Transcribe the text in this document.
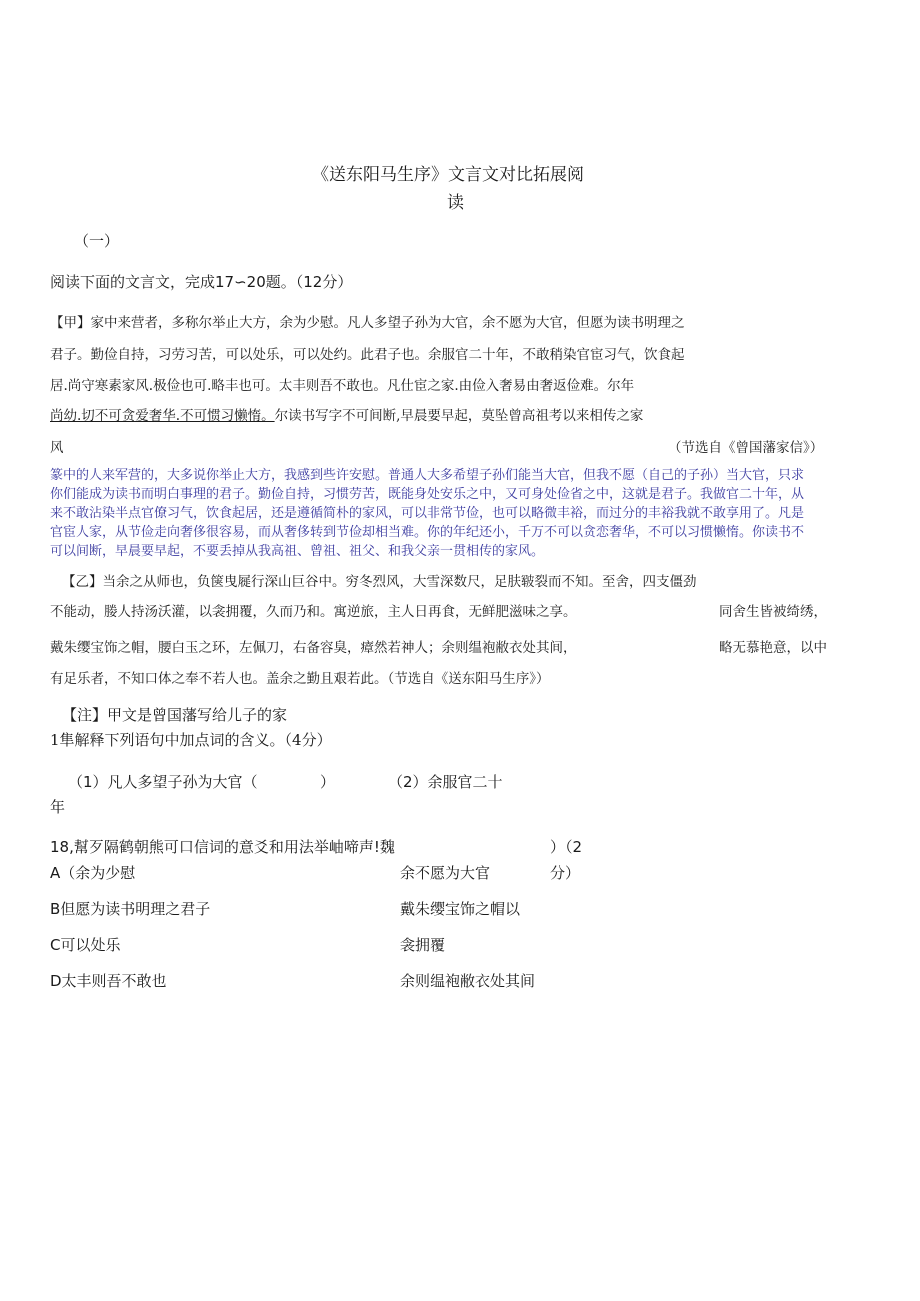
《送东阳马生序》文言文对比拓展阅
读
（一）
阅读下面的文言文，完成17∽20题。（12分）
【甲】家中来营者，多称尔举止大方，余为少慰。凡人多望子孙为大官，余不愿为大官，但愿为读书明理之
君子。勤俭自持，习劳习苦，可以处乐，可以处约。此君子也。余服官二十年，不敢稍染官宦习气，饮食起
居.尚守寒素家风.极俭也可.略丰也可。太丰则吾不敢也。凡仕宦之家.由俭入奢易由奢返俭难。尔年
尚幼.切不可贪爱奢华.不可惯习懒惰。尔读书写字不可间断,早晨要早起，莫坠曾高祖考以来相传之家
风	（节选自《曾国藩家信》）
篆中的人来军营的，大多说你举止大方，我感到些许安慰。普通人大多希望子孙们能当大官，但我不愿（自己的子孙）当大官，只求
你们能成为读书而明白事理的君子。勤俭自持，习惯劳苦，既能身处安乐之中，又可身处俭省之中，这就是君子。我做官二十年，从
来不敢沾染半点官僚习气，饮食起居，还是遵循简朴的家风，可以非常节俭，也可以略微丰裕，而过分的丰裕我就不敢享用了。凡是
官宦人家，从节俭走向奢侈很容易，而从奢侈转到节俭却相当难。你的年纪还小，千万不可以贪恋奢华，不可以习惯懒惰。你读书不
可以间断，早晨要早起，不要丢掉从我高祖、曾祖、祖父、和我父亲一贯相传的家风。
【乙】当余之从师也，负箧曳屣行深山巨谷中。穷冬烈风，大雪深数尺，足肤皲裂而不知。至舍，四支僵劲
不能动，媵人持汤沃灌，以衾拥覆，久而乃和。寓逆旅，主人日再食，无鲜肥滋味之享。	同舍生皆被绮绣，
戴朱缨宝饰之帽，腰白玉之环，左佩刀，右备容臭，瘴然若神人；余则缊袍敝衣处其间，	略无慕艳意，以中
有足乐者，不知口体之奉不若人也。盖余之勤且艰若此。（节选自《送东阳马生序》）
【注】甲文是曾国藩写给儿子的家
1隼解释下列语句中加点词的含义。（4分）
（1）凡人多望子孙为大官（	）	（2）余服官二十
年
18,幫歹隔鹤朝熊可口信词的意爻和用法举岫啼声!魏	）（2
分）
A（余为少慰	余不愿为大官
B但愿为读书明理之君子	戴朱缨宝饰之帽以
C可以处乐	衾拥覆
D太丰则吾不敢也	余则缊袍敝衣处其间
